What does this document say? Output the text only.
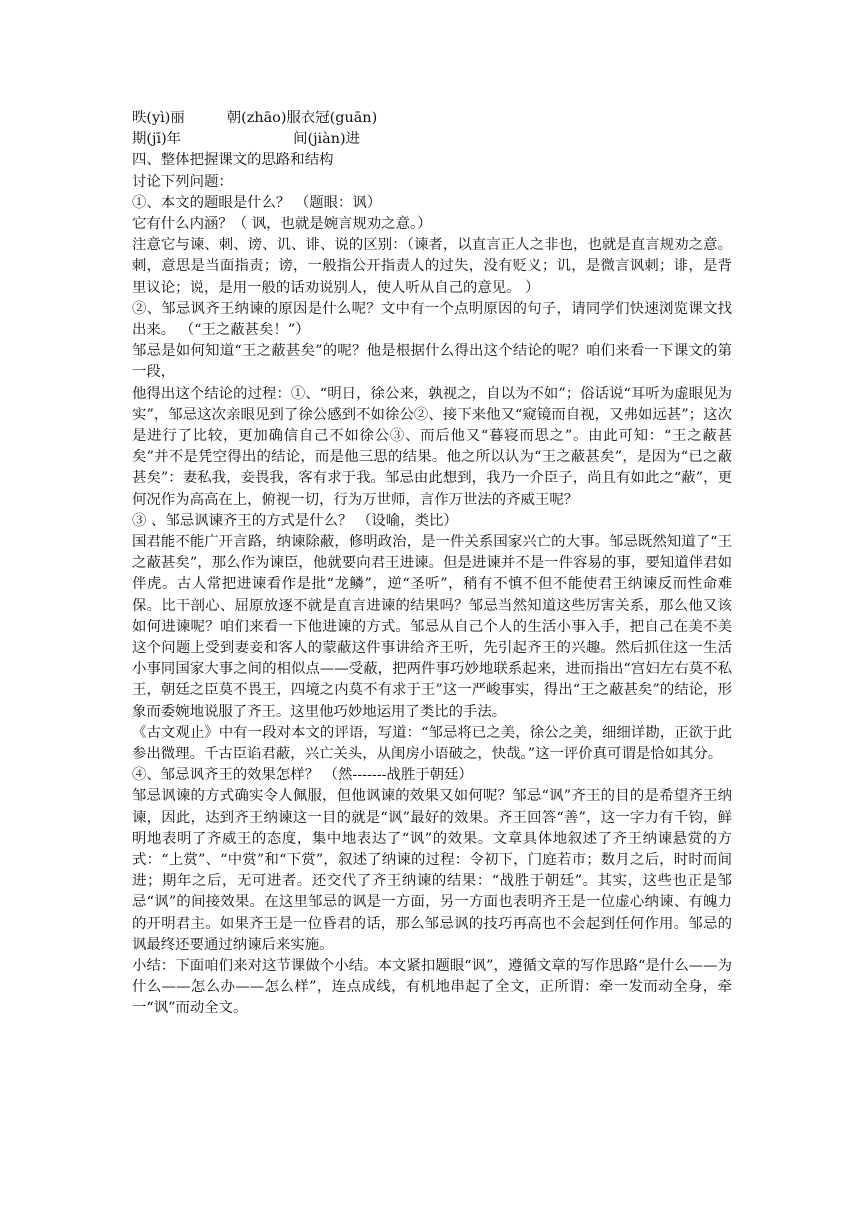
昳(yì)丽	朝(zhāo)服衣冠(guān)
期(jī)年	间(jiàn)进
四、整体把握课文的思路和结构
讨论下列问题：
①、本文的题眼是什么？ （题眼：讽）
它有什么内涵？（ 讽，也就是婉言规劝之意。）
注意它与谏、刺、谤、讥、诽、说的区别：（谏者，以直言正人之非也，也就是直言规劝之意。刺，意思是当面指责；谤，一般指公开指责人的过失，没有贬义；讥，是微言讽刺；诽，是背里议论；说，是用一般的话劝说别人，使人听从自己的意见。 ）
②、邹忌讽齐王纳谏的原因是什么呢？文中有一个点明原因的句子，请同学们快速浏览课文找出来。 （“王之蔽甚矣！”）
邹忌是如何知道“王之蔽甚矣”的呢？他是根据什么得出这个结论的呢？咱们来看一下课文的第一段，
他得出这个结论的过程：①、“明日，徐公来，孰视之，自以为不如”；俗话说“耳听为虚眼见为实”，邹忌这次亲眼见到了徐公感到不如徐公②、接下来他又“窥镜而自视，又弗如远甚”；这次是进行了比较，更加确信自己不如徐公③、而后他又“暮寝而思之”。由此可知：“王之蔽甚矣”并不是凭空得出的结论，而是他三思的结果。他之所以认为“王之蔽甚矣”，是因为“已之蔽甚矣”：妻私我，妾畏我，客有求于我。邹忌由此想到，我乃一介臣子，尚且有如此之“蔽”，更何况作为高高在上，俯视一切，行为万世师，言作万世法的齐威王呢？
③ 、邹忌讽谏齐王的方式是什么？ （设喻，类比）
国君能不能广开言路，纳谏除蔽，修明政治，是一件关系国家兴亡的大事。邹忌既然知道了“王之蔽甚矣”，那么作为谏臣，他就要向君王进谏。但是进谏并不是一件容易的事，要知道伴君如伴虎。古人常把进谏看作是批“龙鳞”，逆“圣听”，稍有不慎不但不能使君王纳谏反而性命难保。比干剖心、屈原放逐不就是直言进谏的结果吗？邹忌当然知道这些厉害关系，那么他又该如何进谏呢？咱们来看一下他进谏的方式。邹忌从自己个人的生活小事入手，把自己在美不美这个问题上受到妻妾和客人的蒙蔽这件事讲给齐王听，先引起齐王的兴趣。然后抓住这一生活小事同国家大事之间的相似点——受蔽，把两件事巧妙地联系起来，进而指出“宫妇左右莫不私王，朝廷之臣莫不畏王，四境之内莫不有求于王”这一严峻事实，得出“王之蔽甚矣”的结论，形象而委婉地说服了齐王。这里他巧妙地运用了类比的手法。
《古文观止》中有一段对本文的评语，写道：“邹忌将已之美，徐公之美，细细详勘，正欲于此参出微理。千古臣谄君蔽，兴亡关头，从闺房小语破之，快哉。”这一评价真可谓是恰如其分。
④、邹忌讽齐王的效果怎样？ （然-------战胜于朝廷）
邹忌讽谏的方式确实令人佩服，但他讽谏的效果又如何呢？邹忌“讽”齐王的目的是希望齐王纳谏，因此，达到齐王纳谏这一目的就是“讽”最好的效果。齐王回答“善”，这一字力有千钧，鲜明地表明了齐威王的态度，集中地表达了“讽”的效果。文章具体地叙述了齐王纳谏悬赏的方式：“上赏”、“中赏”和“下赏”，叙述了纳谏的过程：令初下，门庭若市；数月之后，时时而间进；期年之后，无可进者。还交代了齐王纳谏的结果：“战胜于朝廷”。其实，这些也正是邹忌“讽”的间接效果。在这里邹忌的讽是一方面，另一方面也表明齐王是一位虚心纳谏、有魄力的开明君主。如果齐王是一位昏君的话，那么邹忌讽的技巧再高也不会起到任何作用。邹忌的讽最终还要通过纳谏后来实施。
小结：下面咱们来对这节课做个小结。本文紧扣题眼“讽”，遵循文章的写作思路“是什么——为什么——怎么办——怎么样”，连点成线，有机地串起了全文，正所谓：牵一发而动全身，牵一“讽”而动全文。
